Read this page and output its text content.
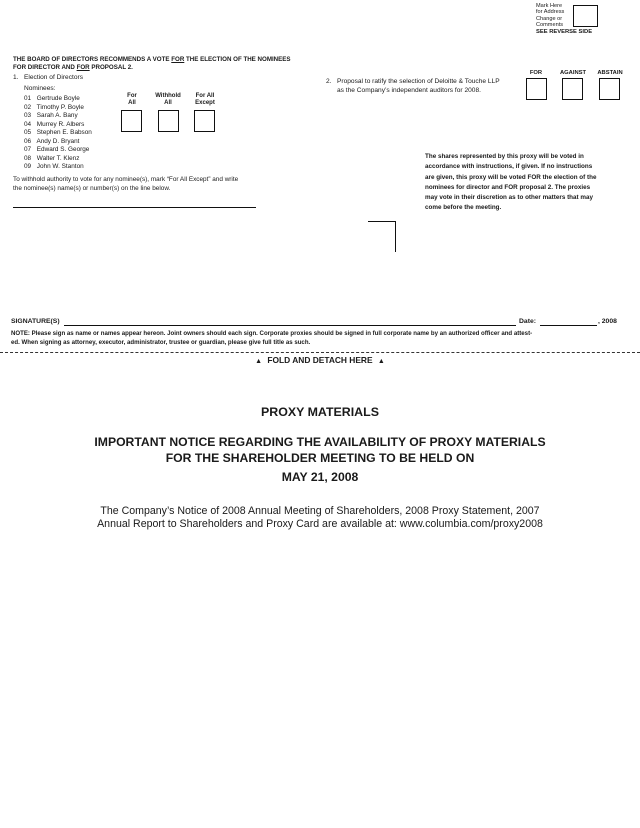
Mark Here
for Address
Change or
Comments
SEE REVERSE SIDE
THE BOARD OF DIRECTORS RECOMMENDS A VOTE FOR THE ELECTION OF THE NOMINEES
FOR DIRECTOR AND FOR PROPOSAL 2.
1. Election of Directors
Nominees:
01 Gertrude Boyle
02 Timothy P. Boyle
03 Sarah A. Bany
04 Murrey R. Albers
05 Stephen E. Babson
06 Andy D. Bryant
07 Edward S. George
08 Walter T. Klenz
09 John W. Stanton
For
All
Withhold
All
For All
Except
To withhold authority to vote for any nominee(s), mark “For All Except” and write
the nominee(s) name(s) or number(s) on the line below.
2. Proposal to ratify the selection of Deloitte & Touche LLP
as the Company’s independent auditors for 2008.
FOR	AGAINST	ABSTAIN
The shares represented by this proxy will be voted in
accordance with instructions, if given. If no instructions
are given, this proxy will be voted FOR the election of the
nominees for director and FOR proposal 2. The proxies
may vote in their discretion as to other matters that may
come before the meeting.
SIGNATURE(S)	Date:	, 2008
NOTE: Please sign as name or names appear hereon. Joint owners should each sign. Corporate proxies should be signed in full corporate name by an authorized officer and attest-
ed. When signing as attorney, executor, administrator, trustee or guardian, please give full title as such.
▲ FOLD AND DETACH HERE ▲
PROXY MATERIALS
IMPORTANT NOTICE REGARDING THE AVAILABILITY OF PROXY MATERIALS
FOR THE SHAREHOLDER MEETING TO BE HELD ON
MAY 21, 2008
The Company’s Notice of 2008 Annual Meeting of Shareholders, 2008 Proxy Statement, 2007
Annual Report to Shareholders and Proxy Card are available at: www.columbia.com/proxy2008
